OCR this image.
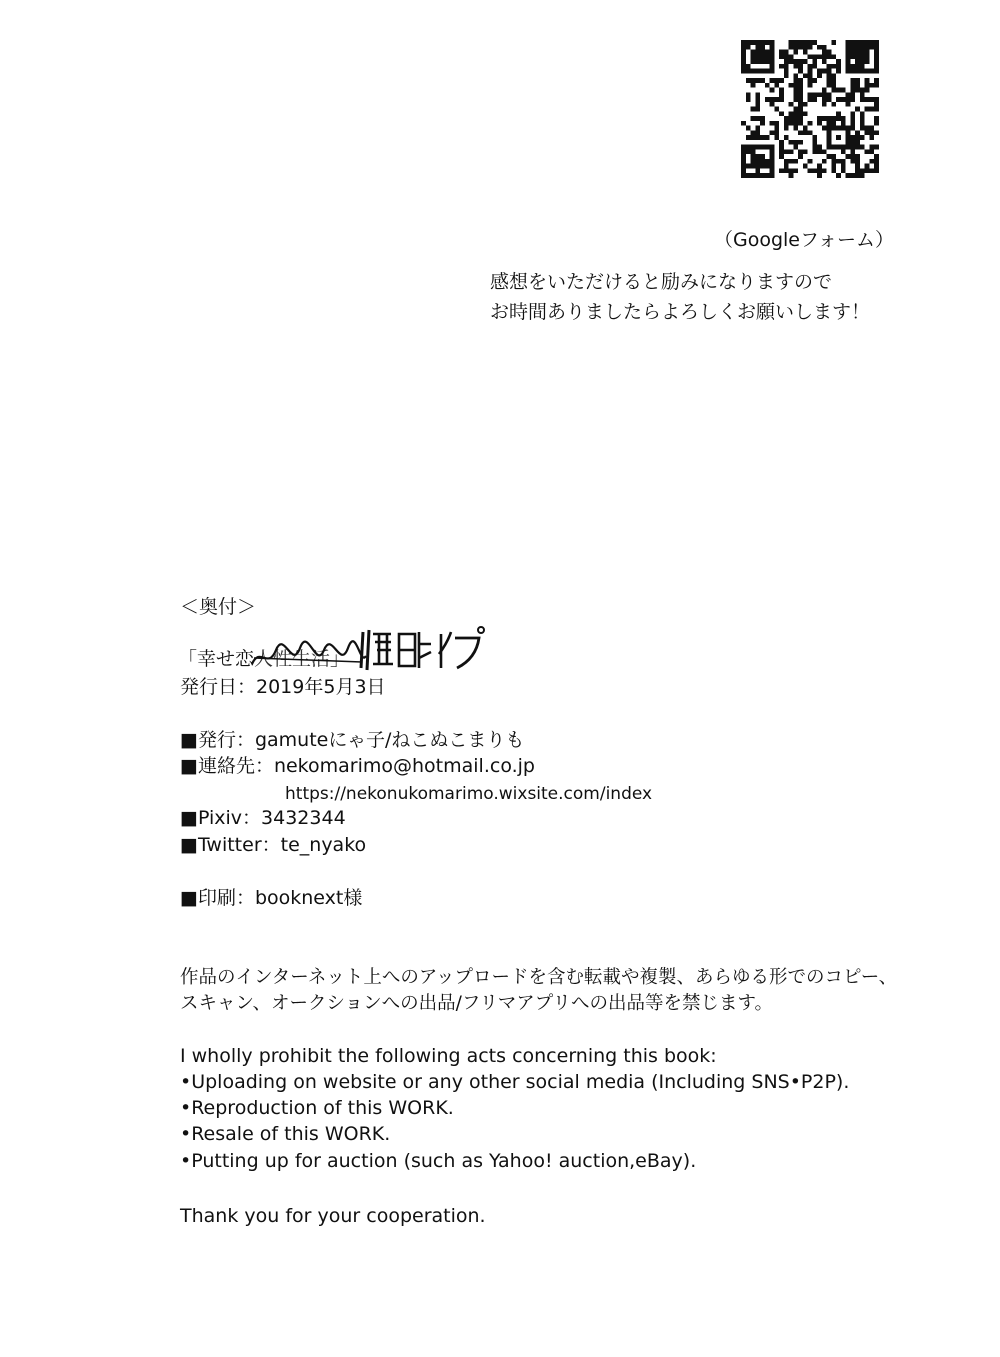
（Googleフォーム）
感想をいただけると励みになりますので
お時間ありましたらよろしくお願いします！
＜奥付＞
「幸せ恋 人性生活 」
発行日：2019年5月3日
■発行：gamuteにゃ子/ねこぬこまりも
■連絡先：nekomarimo@hotmail.co.jp
https://nekonukomarimo.wixsite.com/index
■Pixiv：3432344
■Twitter：te_nyako
■印刷：booknext様
作品のインターネット上へのアップロードを含む転載や複製、あらゆる形でのコピー、
スキャン、オークションへの出品/フリマアプリへの出品等を禁じます。
I wholly prohibit the following acts concerning this book:
•Uploading on website or any other social media (Including SNS•P2P).
•Reproduction of this WORK.
•Resale of this WORK.
•Putting up for auction (such as Yahoo! auction,eBay).
Thank you for your cooperation.
